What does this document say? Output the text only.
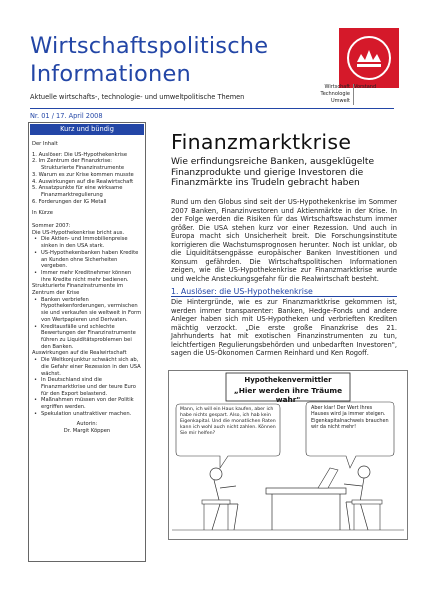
Wirtschaftspolitische
Informationen
Aktuelle wirtschafts-, technologie- und umweltpolitische Themen
Wirtschaft
Technologie
Umwelt
Vorstand
Nr. 01 / 17. April 2008
Kurz und bündig
Der Inhalt
1. Auslöser: Die US-Hypothekenkrise
2. Im Zentrum der Finanzkrise:
Strukturierte Finanzinstrumente
3. Warum es zur Krise kommen musste
4. Auswirkungen auf die Realwirtschaft
5. Ansatzpunkte für eine wirksame
Finanzmarktregulierung
6. Forderungen der IG Metall
In Kürze
Sommer 2007:
Die US-Hypothekenkrise bricht aus.
• Die Aktien- und Immobilienpreise sinken in den USA stark.
• US-Hypothekenbanken haben Kredite an Kunden ohne Sicherheiten vergeben.
• Immer mehr Kreditnehmer können ihre Kredite nicht mehr bedienen.
Strukturierte Finanzinstrumente im Zentrum der Krise
• Banken verbriefen Hypothekenforderungen, vermischen sie und verkaufen sie weltweit in Form von Wertpapieren und Derivaten.
• Kreditausfälle und schlechte Bewertungen der Finanzinstrumente führen zu Liquiditätsproblemen bei den Banken.
Auswirkungen auf die Realwirtschaft
• Die Weltkonjunktur schwächt sich ab, die Gefahr einer Rezession in den USA wächst.
• In Deutschland sind die Finanzmarktkrise und der teure Euro für den Export belastend.
• Maßnahmen müssen von der Politik ergriffen werden.
• Spekulation unattraktiver machen.
Autorin:
Dr. Margit Köppen
Finanzmarktkrise
Wie erfindungsreiche Banken, ausgeklügelte Finanzprodukte und gierige Investoren die Finanzmärkte ins Trudeln gebracht haben
Rund um den Globus sind seit der US-Hypothekenkrise im Sommer 2007 Banken, Finanzinvestoren und Aktienmärkte in der Krise. In der Folge werden die Risiken für das Wirtschaftswachstum immer größer. Die USA stehen kurz vor einer Rezession. Und auch in Europa macht sich Unsicherheit breit. Die Forschungsinstitute korrigieren die Wachstumsprognosen herunter. Noch ist unklar, ob die Liquiditätsengpässe europäischer Banken Investitionen und Konsum gefährden. Die Wirtschaftspolitischen Informationen zeigen, wie die US-Hypothekenkrise zur Finanzmarktkrise wurde und welche Ansteckungsgefahr für die Realwirtschaft besteht.
1. Auslöser: die US-Hypothekenkrise
Die Hintergründe, wie es zur Finanzmarktkrise gekommen ist, werden immer transparenter: Banken, Hedge-Fonds und andere Anleger haben sich mit US-Hypotheken und verbrieften Krediten mächtig verzockt. „Die erste große Finanzkrise des 21. Jahrhunderts hat mit exotischen Finanzinstrumenten zu tun, leichtfertigen Regulierungsbehörden und unbedarften Investoren", sagen die US-Ökonomen Carmen Reinhard und Ken Rogoff.
Hypothekenvermittler
„Hier werden ihre Träume wahr"
Mann, ich will ein Haus kaufen, aber ich habe nichts gespart. Also, ich hab kein Eigenkapital. Und die monatlichen Raten kann ich wohl auch nicht zahlen. Können Sie mir helfen?
Aber klar! Der Wert Ihres Hauses wird ja immer steigen. Eigenkapitalnachweis brauchen wir da nicht mehr!
